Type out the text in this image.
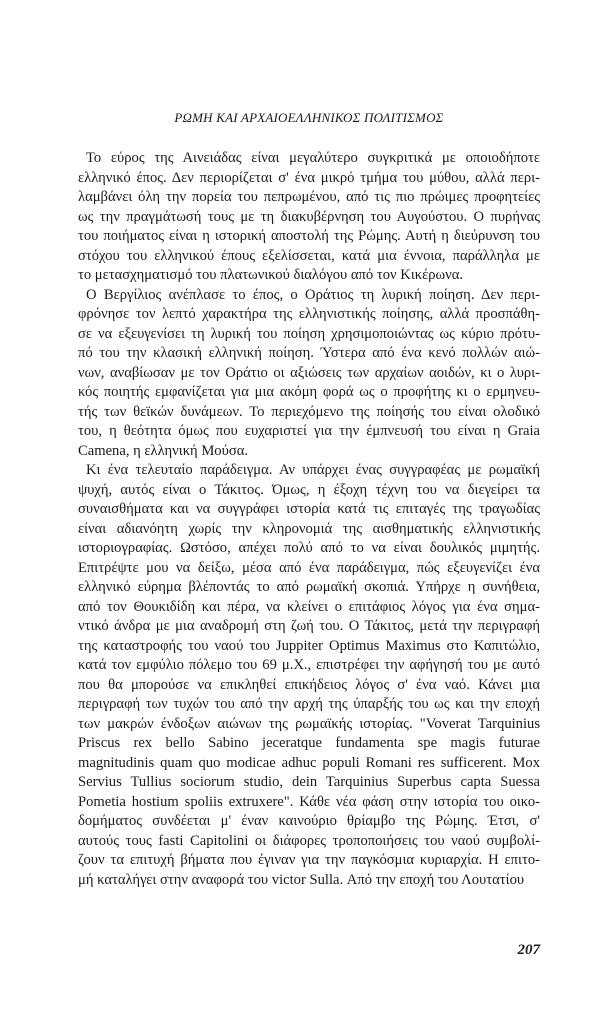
ΡΩΜΗ ΚΑΙ ΑΡΧΑΙΟΕΛΛΗΝΙΚΟΣ ΠΟΛΙΤΙΣΜΟΣ

Το εύρος της Αινειάδας είναι μεγαλύτερο συγκριτικά με οποιοδήποτε
ελληνικό έπος. Δεν περιορίζεται σ' ένα μικρό τμήμα του μύθου, αλλά περι-
λαμβάνει όλη την πορεία του πεπρωμένου, από τις πιο πρώιμες προφητείες
ως την πραγμάτωσή τους με τη διακυβέρνηση του Αυγούστου. Ο πυρήνας
του ποιήματος είναι η ιστορική αποστολή της Ρώμης. Αυτή η διεύρυνση του
στόχου του ελληνικού έπους εξελίσσεται, κατά μια έννοια, παράλληλα με
το μετασχηματισμό του πλατωνικού διαλόγου από τον Κικέρωνα.

Ο Βεργίλιος ανέπλασε το έπος, ο Οράτιος τη λυρική ποίηση. Δεν περι-
φρόνησε τον λεπτό χαρακτήρα της ελληνιστικής ποίησης, αλλά προσπάθη-
σε να εξευγενίσει τη λυρική του ποίηση χρησιμοποιώντας ως κύριο πρότυ-
πό του την κλασική ελληνική ποίηση. Ύστερα από ένα κενό πολλών αιώ-
νων, αναβίωσαν με τον Οράτιο οι αξιώσεις των αρχαίων αοιδών, κι ο λυρι-
κός ποιητής εμφανίζεται για μια ακόμη φορά ως ο προφήτης κι ο ερμηνευ-
τής των θεϊκών δυνάμεων. Το περιεχόμενο της ποίησής του είναι ολοδικό
του, η θεότητα όμως που ευχαριστεί για την έμπνευσή του είναι η Graia
Camena, η ελληνική Μούσα.

Κι ένα τελευταίο παράδειγμα. Αν υπάρχει ένας συγγραφέας με ρωμαϊκή
ψυχή, αυτός είναι ο Τάκιτος. Όμως, η έξοχη τέχνη του να διεγείρει τα
συναισθήματα και να συγγράφει ιστορία κατά τις επιταγές της τραγωδίας
είναι αδιανόητη χωρίς την κληρονομιά της αισθηματικής ελληνιστικής
ιστοριογραφίας. Ωστόσο, απέχει πολύ από το να είναι δουλικός μιμητής.
Επιτρέψτε μου να δείξω, μέσα από ένα παράδειγμα, πώς εξευγενίζει ένα
ελληνικό εύρημα βλέποντάς το από ρωμαϊκή σκοπιά. Υπήρχε η συνήθεια,
από τον Θουκιδίδη και πέρα, να κλείνει ο επιτάφιος λόγος για ένα σημα-
ντικό άνδρα με μια αναδρομή στη ζωή του. Ο Τάκιτος, μετά την περιγραφή
της καταστροφής του ναού του Juppiter Optimus Maximus στο Καπιτώλιο,
κατά τον εμφύλιο πόλεμο του 69 μ.Χ., επιστρέφει την αφήγησή του με αυτό
που θα μπορούσε να επικληθεί επικήδειος λόγος σ' ένα ναό. Κάνει μια
περιγραφή των τυχών του από την αρχή της ύπαρξής του ως και την εποχή
των μακρών ένδοξων αιώνων της ρωμαϊκής ιστορίας. "Voverat Tarquinius
Priscus rex bello Sabino jeceratque fundamenta spe magis futurae
magnitudinis quam quo modicae adhuc populi Romani res sufficerent. Mox
Servius Tullius sociorum studio, dein Tarquinius Superbus capta Suessa
Pometia hostium spoliis extruxere". Κάθε νέα φάση στην ιστορία του οικο-
δομήματος συνδέεται μ' έναν καινούριο θρίαμβο της Ρώμης. Έτσι, σ'
αυτούς τους fasti Capitolini οι διάφορες τροποποιήσεις του ναού συμβολί-
ζουν τα επιτυχή βήματα που έγιναν για την παγκόσμια κυριαρχία. Η επιτο-
μή καταλήγει στην αναφορά του victor Sulla. Από την εποχή του Λουτατίου

207
